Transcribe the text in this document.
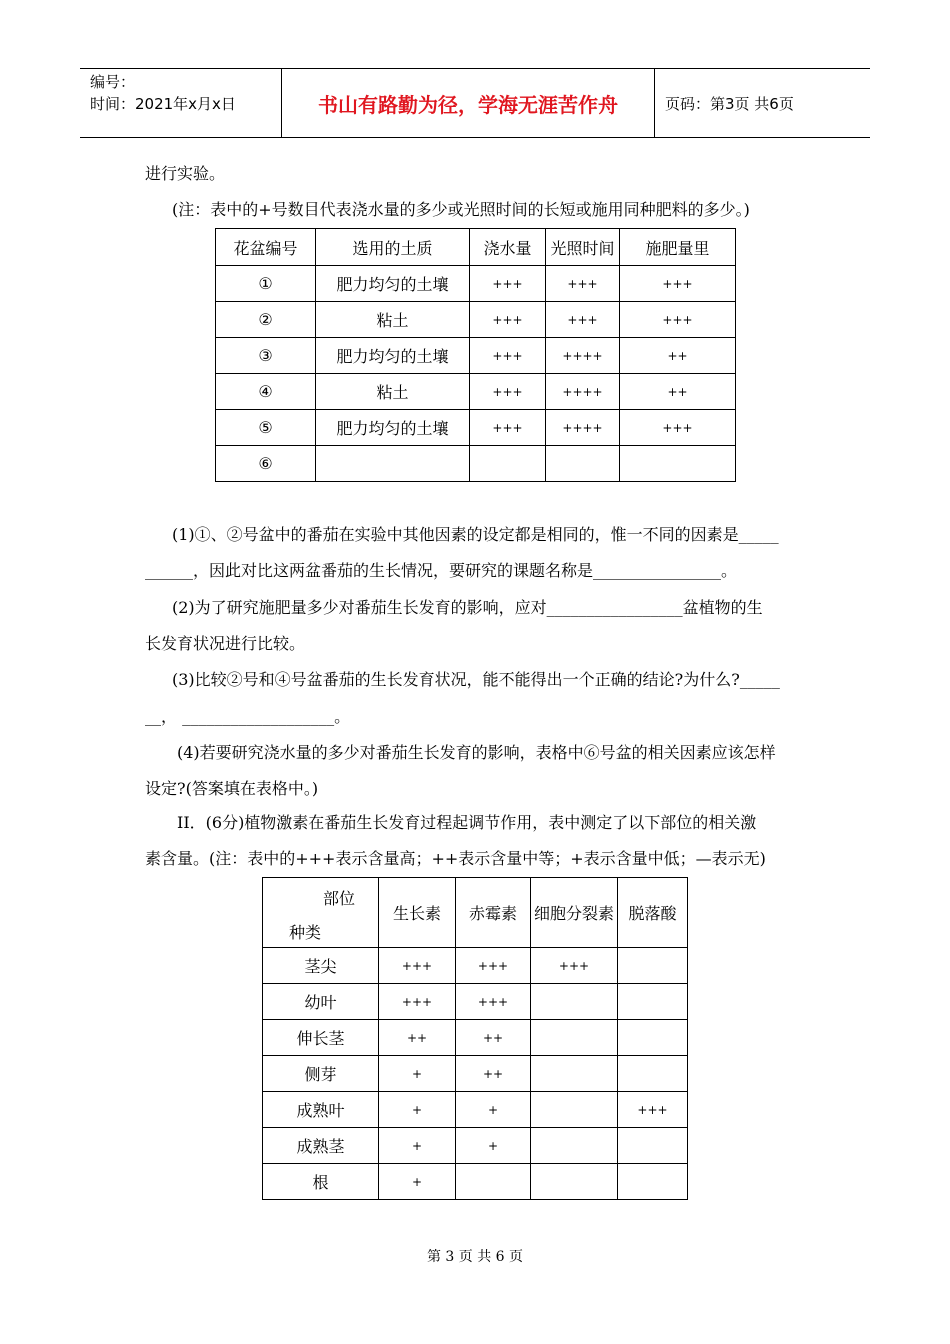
编号：
时间：2021年x月x日	书山有路勤为径，学海无涯苦作舟	页码：第3页 共6页
进行实验。
(注：表中的+号数目代表浇水量的多少或光照时间的长短或施用同种肥料的多少。)
花盆编号	选用的土质	浇水量	光照时间	施肥量里
①	肥力均匀的土壤	+++	+++	+++
②	粘土	+++	+++	+++
③	肥力均匀的土壤	+++	++++	++
④	粘土	+++	++++	++
⑤	肥力均匀的土壤	+++	++++	+++
⑥				
(1)①、②号盆中的番茄在实验中其他因素的设定都是相同的，惟一不同的因素是_____
______，因此对比这两盆番茄的生长情况，要研究的课题名称是________________。
(2)为了研究施肥量多少对番茄生长发育的影响，应对_________________盆植物的生
长发育状况进行比较。
(3)比较②号和④号盆番茄的生长发育状况，能不能得出一个正确的结论?为什么?_____
__， ___________________。
(4)若要研究浇水量的多少对番茄生长发育的影响，表格中⑥号盆的相关因素应该怎样
设定?(答案填在表格中。)
II．(6分)植物激素在番茄生长发育过程起调节作用，表中测定了以下部位的相关激
素含量。(注：表中的+++表示含量高；++表示含量中等；+表示含量中低；—表示无)
部位
种类	生长素	赤霉素	细胞分裂素	脱落酸
茎尖	+++	+++	+++	
幼叶	+++	+++		
伸长茎	++	++		
侧芽	+	++		
成熟叶	+	+		+++
成熟茎	+	+		
根	+			
第 3 页 共 6 页
